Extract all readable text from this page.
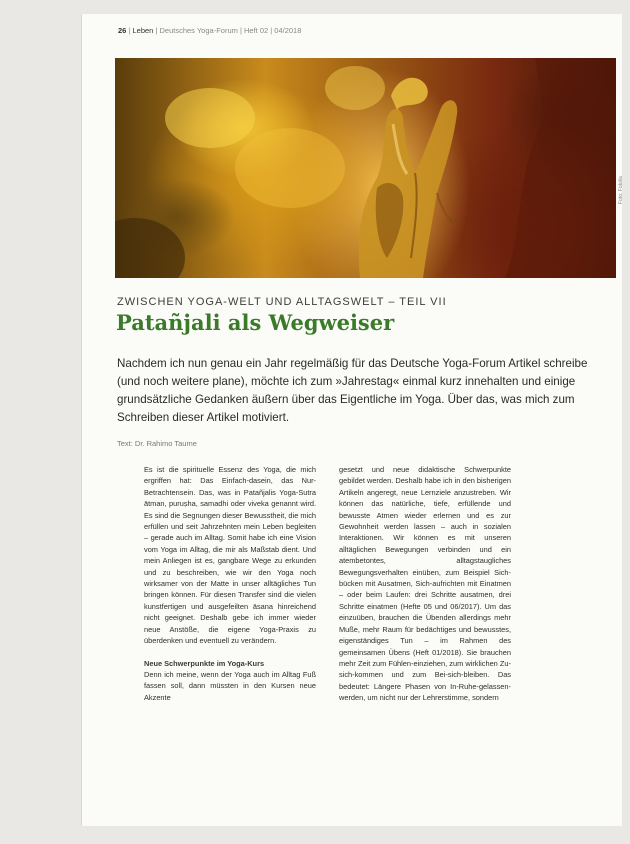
26 | Leben | Deutsches Yoga-Forum | Heft 02 | 04/2018
Foto: Fotolia
ZWISCHEN YOGA-WELT UND ALLTAGSWELT – TEIL VII
Patañjali als Wegweiser
Nachdem ich nun genau ein Jahr regelmäßig für das Deutsche Yoga-Forum Artikel schreibe (und noch weitere plane), möchte ich zum »Jahrestag« einmal kurz innehalten und einige grundsätzliche Gedanken äußern über das Eigentliche im Yoga. Über das, was mich zum Schreiben dieser Artikel motiviert.
Text: Dr. Rahimo Taume

Es ist die spirituelle Essenz des Yoga, die mich ergriffen hat: Das Einfach-dasein, das Nur-Betrachtensein. Das, was in Patañjalis Yoga-Sutra ātman, puruṣha, samadhi oder viveka genannt wird. Es sind die Segnungen dieser Bewusstheit, die mich erfüllen und seit Jahrzehnten mein Leben begleiten – gerade auch im Alltag. Somit habe ich eine Vision vom Yoga im Alltag, die mir als Maßstab dient. Und mein Anliegen ist es, gangbare Wege zu erkunden und zu beschreiben, wie wir den Yoga noch wirksamer von der Matte in unser alltägliches Tun bringen können. Für diesen Transfer sind die vielen kunstfertigen und ausgefeilten āsana hinreichend nicht geeignet. Deshalb gebe ich immer wieder neue Anstöße, die eigene Yoga-Praxis zu überdenken und eventuell zu verändern.

Neue Schwerpunkte im Yoga-Kurs

Denn ich meine, wenn der Yoga auch im Alltag Fuß fassen soll, dann müssten in den Kursen neue Akzente

gesetzt und neue didaktische Schwerpunkte gebildet werden. Deshalb habe ich in den bisherigen Artikeln angeregt, neue Lernziele anzustreben. Wir können das natürliche, tiefe, erfüllende und bewusste Atmen wieder erlernen und es zur Gewohnheit werden lassen – auch in sozialen Interaktionen. Wir können es mit unseren alltäglichen Bewegungen verbinden und ein atembetontes, alltagstaugliches Bewegungsverhalten einüben, zum Beispiel Sich-bücken mit Ausatmen, Sich-aufrichten mit Einatmen – oder beim Laufen: drei Schritte ausatmen, drei Schritte einatmen (Hefte 05 und 06/2017). Um das einzuüben, brauchen die Übenden allerdings mehr Muße, mehr Raum für bedächtiges und bewusstes, eigenständiges Tun – im Rahmen des gemeinsamen Übens (Heft 01/2018). Sie brauchen mehr Zeit zum Fühlen-einziehen, zum wirklichen Zu-sich-kommen und zum Bei-sich-bleiben. Das bedeutet: Längere Phasen von In-Ruhe-gelassen-werden, um nicht nur der Lehrerstimme, sondern
